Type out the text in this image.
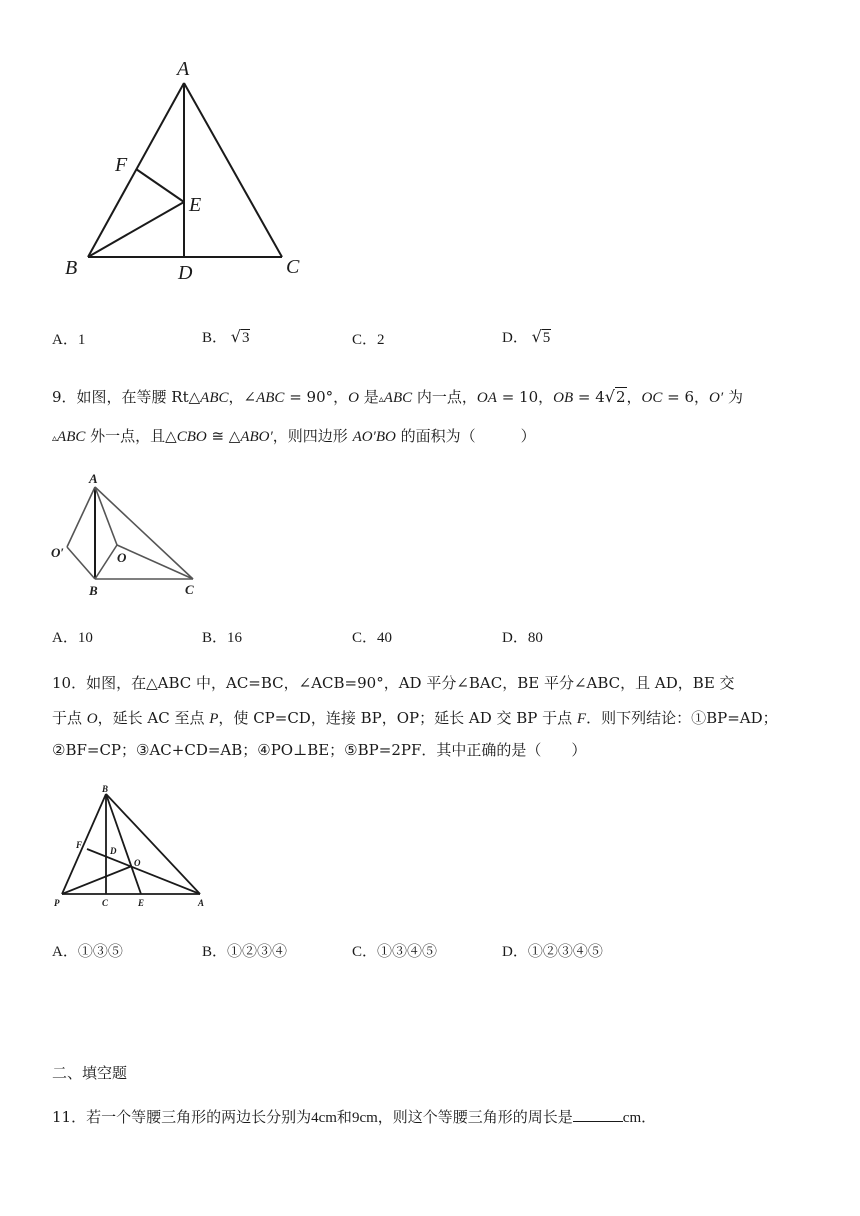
A
F
E
B	D	C
A．1	B． √3	C．2	D． √5
9．如图，在等腰 Rt△ABC，∠ABC = 90°，O 是▵ABC 内一点，OA = 10，OB = 4√2，OC = 6，O′ 为
▵ABC 外一点，且△CBO ≅ △ABO′，则四边形 AO′BO 的面积为（　　　）
A
O′	O
B	C
A．10	B．16	C．40	D．80
10．如图，在△ABC 中，AC=BC，∠ACB=90°，AD 平分∠BAC，BE 平分∠ABC，且 AD，BE 交
于点 O，延长 AC 至点 P，使 CP=CD，连接 BP，OP；延长 AD 交 BP 于点 F．则下列结论：①BP=AD；
②BF=CP；③AC+CD=AB；④PO⊥BE；⑤BP=2PF．其中正确的是（　　）
B
F
D
O
P	C	E	A
A．①③⑤	B．①②③④	C．①③④⑤	D．①②③④⑤
二、填空题
11．若一个等腰三角形的两边长分别为4cm和9cm，则这个等腰三角形的周长是	cm．
